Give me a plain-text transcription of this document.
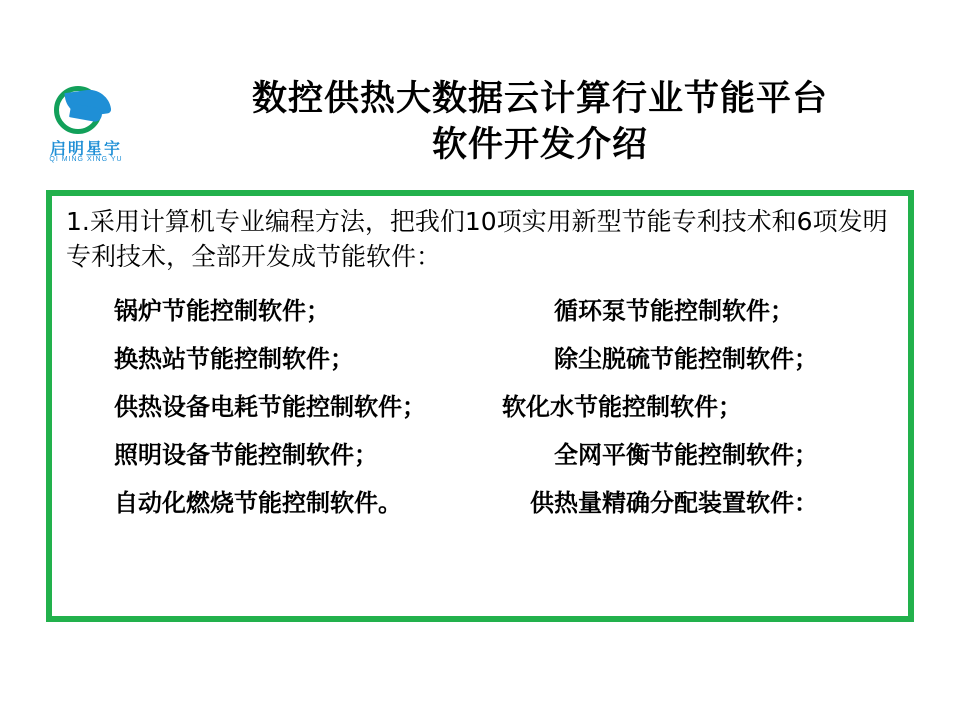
启明星宇
QI MING XING YU
数控供热大数据云计算行业节能平台
软件开发介绍
1.采用计算机专业编程方法，把我们10项实用新型节能专利技术和6项发明专利技术，全部开发成节能软件：
锅炉节能控制软件；	循环泵节能控制软件；
换热站节能控制软件；	除尘脱硫节能控制软件；
供热设备电耗节能控制软件；	软化水节能控制软件；
照明设备节能控制软件；	全网平衡节能控制软件；
自动化燃烧节能控制软件。	供热量精确分配装置软件：
